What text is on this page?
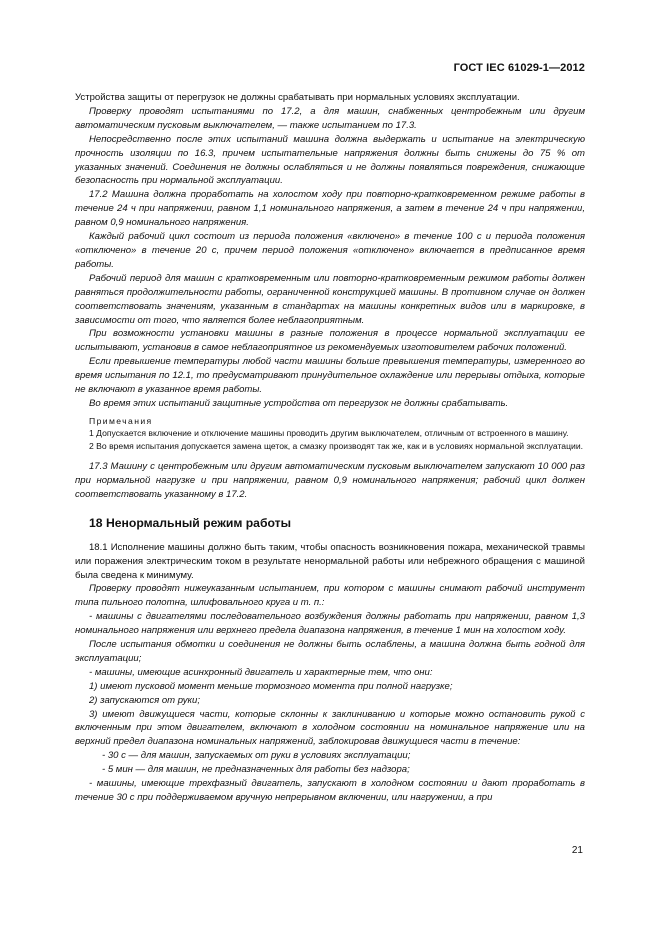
ГОСТ IEC 61029-1—2012

Устройства защиты от перегрузок не должны срабатывать при нормальных условиях эксплуатации.

Проверку проводят испытаниями по 17.2, а для машин, снабженных центробежным или другим автоматическим пусковым выключателем, — также испытанием по 17.3.

Непосредственно после этих испытаний машина должна выдержать и испытание на электрическую прочность изоляции по 16.3, причем испытательные напряжения должны быть снижены до 75 % от указанных значений. Соединения не должны ослабляться и не должны появляться повреждения, снижающие безопасность при нормальной эксплуатации.

17.2 Машина должна проработать на холостом ходу при повторно-кратковременном режиме работы в течение 24 ч при напряжении, равном 1,1 номинального напряжения, а затем в течение 24 ч при напряжении, равном 0,9 номинального напряжения.

Каждый рабочий цикл состоит из периода положения «включено» в течение 100 с и периода положения «отключено» в течение 20 с, причем период положения «отключено» включается в предписанное время работы.

Рабочий период для машин с кратковременным или повторно-кратковременным режимом работы должен равняться продолжительности работы, ограниченной конструкцией машины. В противном случае он должен соответствовать значениям, указанным в стандартах на машины конкретных видов или в маркировке, в зависимости от того, что является более неблагоприятным.

При возможности установки машины в разные положения в процессе нормальной эксплуатации ее испытывают, установив в самое неблагоприятное из рекомендуемых изготовителем рабочих положений.

Если превышение температуры любой части машины больше превышения температуры, измеренного во время испытания по 12.1, то предусматривают принудительное охлаждение или перерывы отдыха, которые не включают в указанное время работы.

Во время этих испытаний защитные устройства от перегрузок не должны срабатывать.

Примечания

1 Допускается включение и отключение машины проводить другим выключателем, отличным от встроенного в машину.

2 Во время испытания допускается замена щеток, а смазку производят так же, как и в условиях нормальной эксплуатации.

17.3 Машину с центробежным или другим автоматическим пусковым выключателем запускают 10 000 раз при нормальной нагрузке и при напряжении, равном 0,9 номинального напряжения; рабочий цикл должен соответствовать указанному в 17.2.

18 Ненормальный режим работы

18.1 Исполнение машины должно быть таким, чтобы опасность возникновения пожара, механической травмы или поражения электрическим током в результате ненормальной работы или небрежного обращения с машиной была сведена к минимуму.

Проверку проводят нижеуказанным испытанием, при котором с машины снимают рабочий инструмент типа пильного полотна, шлифовального круга и т. п.:

- машины с двигателями последовательного возбуждения должны работать при напряжении, равном 1,3 номинального напряжения или верхнего предела диапазона напряжения, в течение 1 мин на холостом ходу.

После испытания обмотки и соединения не должны быть ослаблены, а машина должна быть годной для эксплуатации;

- машины, имеющие асинхронный двигатель и характерные тем, что они:

1) имеют пусковой момент меньше тормозного момента при полной нагрузке;

2) запускаются от руки;

3) имеют движущиеся части, которые склонны к заклиниванию и которые можно остановить рукой с включенным при этом двигателем, включают в холодном состоянии на номинальное напряжение или на верхний предел диапазона номинальных напряжений, заблокировав движущиеся части в течение:

- 30 с — для машин, запускаемых от руки в условиях эксплуатации;

- 5 мин — для машин, не предназначенных для работы без надзора;

- машины, имеющие трехфазный двигатель, запускают в холодном состоянии и дают проработать в течение 30 с при поддерживаемом вручную непрерывном включении, или нагружении, а при

21
